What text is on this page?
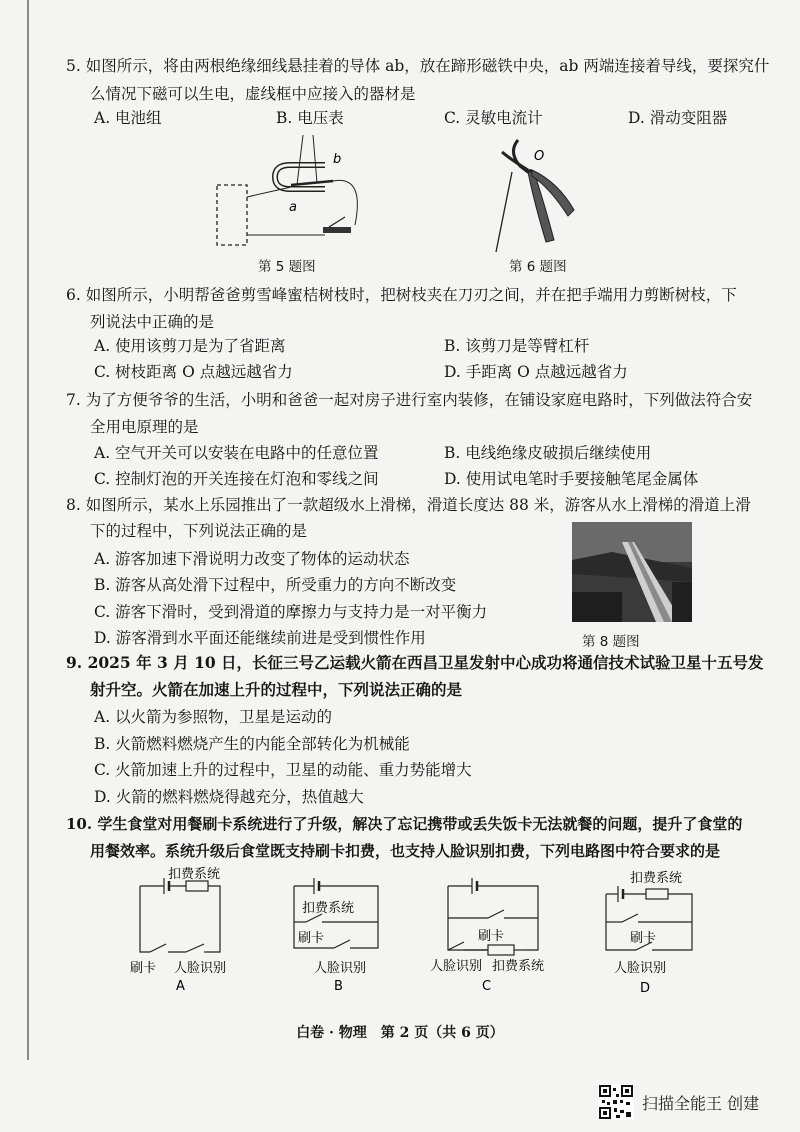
5. 如图所示，将由两根绝缘细线悬挂着的导体 ab，放在蹄形磁铁中央，ab 两端连接着导线，要探究什
么情况下磁可以生电，虚线框中应接入的器材是
A. 电池组	B. 电压表	C. 灵敏电流计	D. 滑动变阻器
b
a
第 5 题图
O
第 6 题图
6. 如图所示，小明帮爸爸剪雪峰蜜桔树枝时，把树枝夹在刀刃之间，并在把手端用力剪断树枝，下
列说法中正确的是
A. 使用该剪刀是为了省距离	B. 该剪刀是等臂杠杆
C. 树枝距离 O 点越远越省力	D. 手距离 O 点越远越省力
7. 为了方便爷爷的生活，小明和爸爸一起对房子进行室内装修，在铺设家庭电路时，下列做法符合安
全用电原理的是
A. 空气开关可以安装在电路中的任意位置	B. 电线绝缘皮破损后继续使用
C. 控制灯泡的开关连接在灯泡和零线之间	D. 使用试电笔时手要接触笔尾金属体
8. 如图所示，某水上乐园推出了一款超级水上滑梯，滑道长度达 88 米，游客从水上滑梯的滑道上滑
下的过程中，下列说法正确的是
A. 游客加速下滑说明力改变了物体的运动状态
B. 游客从高处滑下过程中，所受重力的方向不断改变
C. 游客下滑时，受到滑道的摩擦力与支持力是一对平衡力
D. 游客滑到水平面还能继续前进是受到惯性作用	第 8 题图
9. 2025 年 3 月 10 日，长征三号乙运载火箭在西昌卫星发射中心成功将通信技术试验卫星十五号发
射升空。火箭在加速上升的过程中，下列说法正确的是
A. 以火箭为参照物，卫星是运动的
B. 火箭燃料燃烧产生的内能全部转化为机械能
C. 火箭加速上升的过程中，卫星的动能、重力势能增大
D. 火箭的燃料燃烧得越充分，热值越大
10. 学生食堂对用餐刷卡系统进行了升级，解决了忘记携带或丢失饭卡无法就餐的问题，提升了食堂的
用餐效率。系统升级后食堂既支持刷卡扣费，也支持人脸识别扣费，下列电路图中符合要求的是
扣费系统
刷卡 人脸识别
A
扣费系统
刷卡
人脸识别
B
刷卡
人脸识别 扣费系统
C
扣费系统
刷卡
人脸识别
D
白卷 · 物理　第 2 页（共 6 页）
扫描全能王 创建
